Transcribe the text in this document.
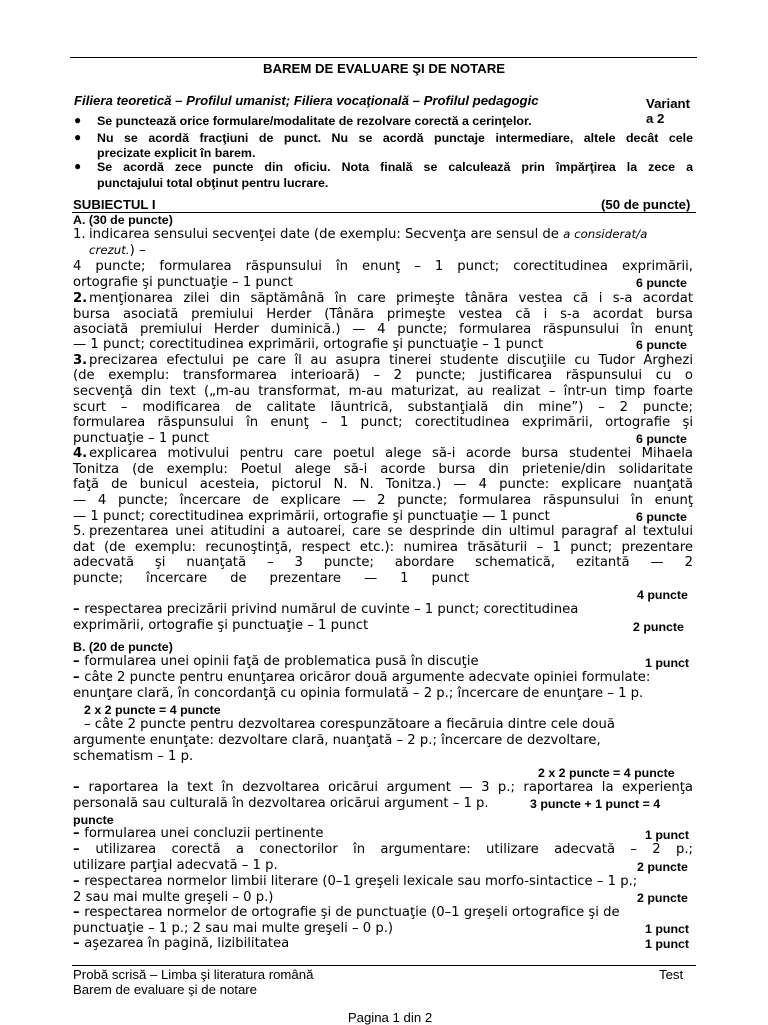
BAREM DE EVALUARE ŞI DE NOTARE
Filiera teoretică – Profilul umanist; Filiera vocaţională – Profilul pedagogic	Variant
a 2
● Se punctează orice formulare/modalitate de rezolvare corectă a cerinţelor.
● Nu se acordă fracţiuni de punct. Nu se acordă punctaje intermediare, altele decât cele
precizate explicit în barem.
● Se acordă zece puncte din oficiu. Nota finală se calculează prin împărţirea la zece a
punctajului total obţinut pentru lucrare.
SUBIECTUL I	(50 de puncte)
A. (30 de puncte)
1. indicarea sensului secvenţei date (de exemplu: Secvenţa are sensul de a considerat/a
crezut.) –
4 puncte; formularea răspunsului în enunţ – 1 punct; corectitudinea exprimării,
ortografie şi punctuaţie – 1 punct	6 puncte
2. menţionarea zilei din săptămână în care primeşte tânăra vestea că i s-a acordat
bursa asociată premiului Herder (Tânăra primeşte vestea că i s-a acordat bursa
asociată premiului Herder duminică.) — 4 puncte; formularea răspunsului în enunţ
— 1 punct; corectitudinea exprimării, ortografie şi punctuaţie – 1 punct	6 puncte
3. precizarea efectului pe care îl au asupra tinerei studente discuţiile cu Tudor Arghezi
(de exemplu: transformarea interioară) – 2 puncte; justificarea răspunsului cu o
secvenţă din text („m-au transformat, m-au maturizat, au realizat – într-un timp foarte
scurt – modificarea de calitate lăuntrică, substanţială din mine”) – 2 puncte;
formularea răspunsului în enunţ – 1 punct; corectitudinea exprimării, ortografie şi
punctuaţie – 1 punct	6 puncte
4. explicarea motivului pentru care poetul alege să-i acorde bursa studentei Mihaela
Tonitza (de exemplu: Poetul alege să-i acorde bursa din prietenie/din solidaritate
faţă de bunicul acesteia, pictorul N. N. Tonitza.) — 4 puncte: explicare nuanţată
— 4 puncte; încercare de explicare — 2 puncte; formularea răspunsului în enunţ
— 1 punct; corectitudinea exprimării, ortografie şi punctuaţie — 1 punct	6 puncte
5. prezentarea unei atitudini a autoarei, care se desprinde din ultimul paragraf al textului
dat (de exemplu: recunoştinţă, respect etc.): numirea trăsăturii – 1 punct; prezentare
adecvată şi nuanţată – 3 puncte; abordare schematică, ezitantă — 2
puncte; încercare de prezentare — 1 punct
4 puncte
– respectarea precizării privind numărul de cuvinte – 1 punct; corectitudinea
exprimării, ortografie şi punctuaţie – 1 punct	2 puncte
B. (20 de puncte)
– formularea unei opinii faţă de problematica pusă în discuţie	1 punct
– câte 2 puncte pentru enunţarea oricăror două argumente adecvate opiniei formulate:
enunţare clară, în concordanţă cu opinia formulată – 2 p.; încercare de enunţare – 1 p.
2 x 2 puncte = 4 puncte
– câte 2 puncte pentru dezvoltarea corespunzătoare a fiecăruia dintre cele două
argumente enunţate: dezvoltare clară, nuanţată – 2 p.; încercare de dezvoltare,
schematism – 1 p.
2 x 2 puncte = 4 puncte
– raportarea la text în dezvoltarea oricărui argument — 3 p.; raportarea la experienţa
personală sau culturală în dezvoltarea oricărui argument – 1 p.	3 puncte + 1 punct = 4
puncte
– formularea unei concluzii pertinente	1 punct
– utilizarea corectă a conectorilor în argumentare: utilizare adecvată – 2 p.;
utilizare parţial adecvată – 1 p.	2 puncte
– respectarea normelor limbii literare (0–1 greşeli lexicale sau morfo-sintactice – 1 p.;
2 sau mai multe greşeli – 0 p.)	2 puncte
– respectarea normelor de ortografie şi de punctuaţie (0–1 greşeli ortografice şi de
punctuaţie – 1 p.; 2 sau mai multe greşeli – 0 p.)	1 punct
– aşezarea în pagină, lizibilitatea	1 punct
Probă scrisă – Limba şi literatura română
Barem de evaluare şi de notare
Test
Pagina 1 din 2
